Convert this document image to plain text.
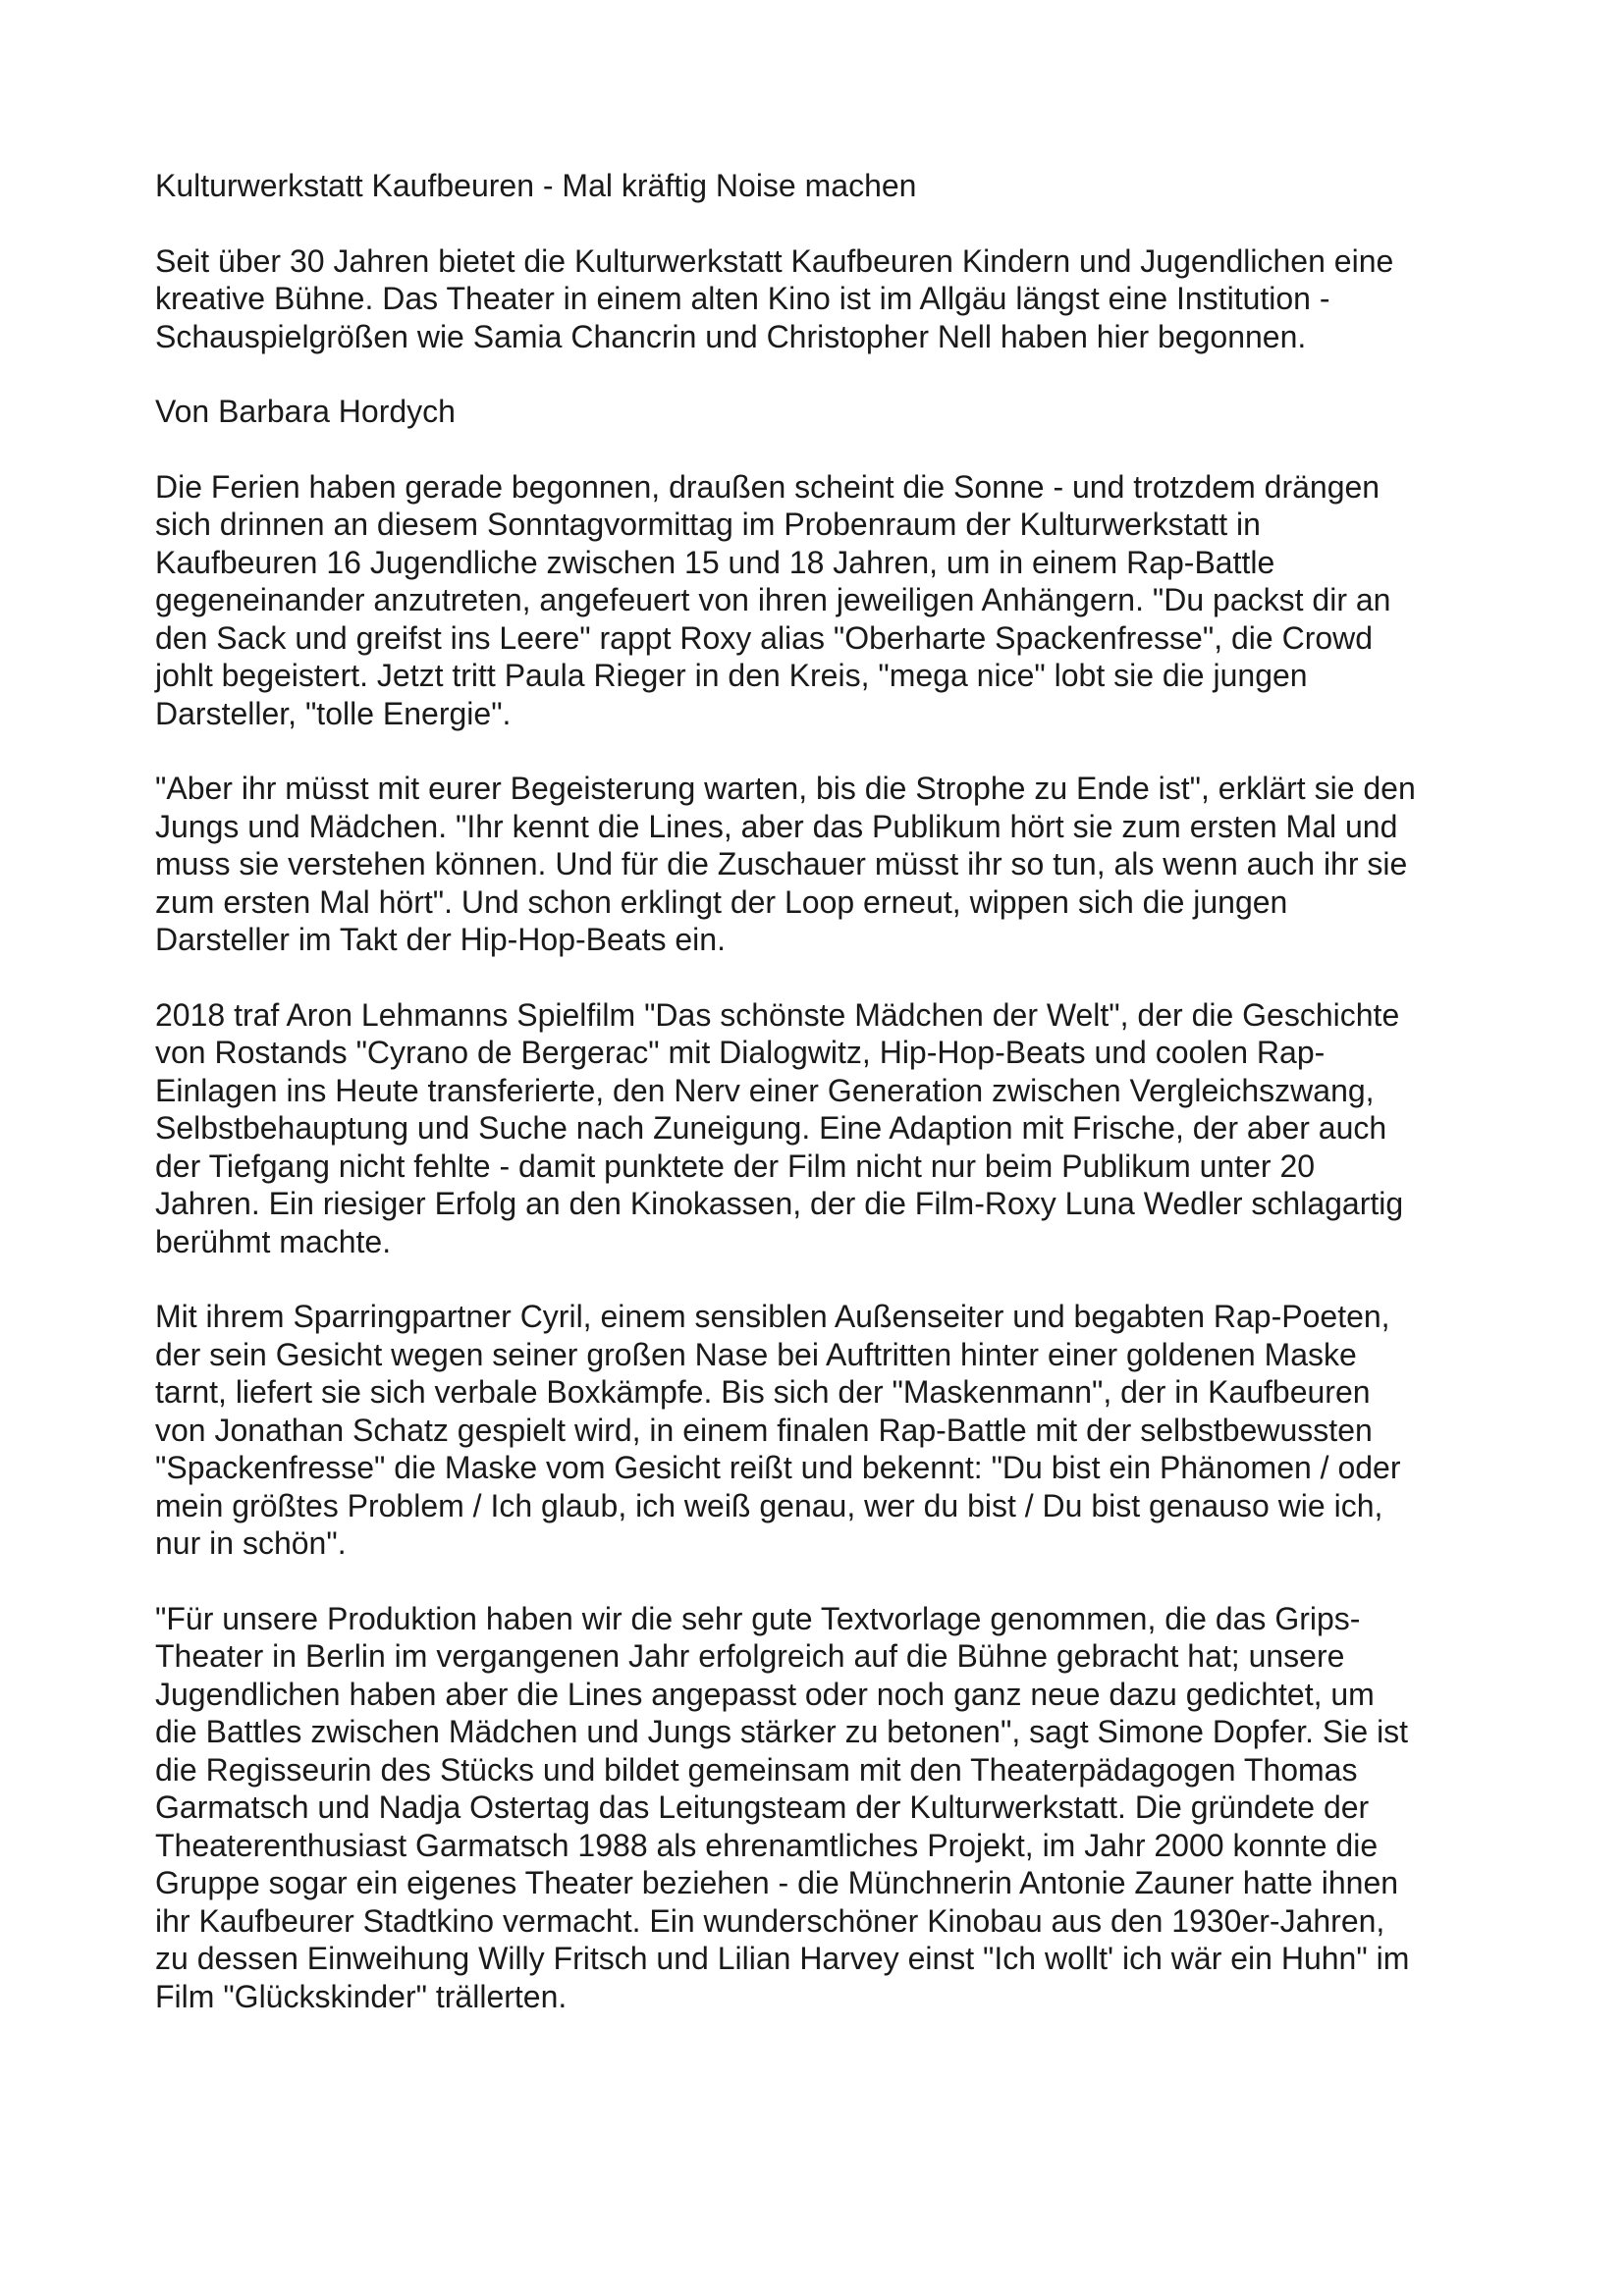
Kulturwerkstatt Kaufbeuren - Mal kräftig Noise machen
Seit über 30 Jahren bietet die Kulturwerkstatt Kaufbeuren Kindern und Jugendlichen eine
kreative Bühne. Das Theater in einem alten Kino ist im Allgäu längst eine Institution -
Schauspielgrößen wie Samia Chancrin und Christopher Nell haben hier begonnen.
Von Barbara Hordych
Die Ferien haben gerade begonnen, draußen scheint die Sonne - und trotzdem drängen
sich drinnen an diesem Sonntagvormittag im Probenraum der Kulturwerkstatt in
Kaufbeuren 16 Jugendliche zwischen 15 und 18 Jahren, um in einem Rap-Battle
gegeneinander anzutreten, angefeuert von ihren jeweiligen Anhängern. "Du packst dir an
den Sack und greifst ins Leere" rappt Roxy alias "Oberharte Spackenfresse", die Crowd
johlt begeistert. Jetzt tritt Paula Rieger in den Kreis, "mega nice" lobt sie die jungen
Darsteller, "tolle Energie".
"Aber ihr müsst mit eurer Begeisterung warten, bis die Strophe zu Ende ist", erklärt sie den
Jungs und Mädchen. "Ihr kennt die Lines, aber das Publikum hört sie zum ersten Mal und
muss sie verstehen können. Und für die Zuschauer müsst ihr so tun, als wenn auch ihr sie
zum ersten Mal hört". Und schon erklingt der Loop erneut, wippen sich die jungen
Darsteller im Takt der Hip-Hop-Beats ein.
2018 traf Aron Lehmanns Spielfilm "Das schönste Mädchen der Welt", der die Geschichte
von Rostands "Cyrano de Bergerac" mit Dialogwitz, Hip-Hop-Beats und coolen Rap-
Einlagen ins Heute transferierte, den Nerv einer Generation zwischen Vergleichszwang,
Selbstbehauptung und Suche nach Zuneigung. Eine Adaption mit Frische, der aber auch
der Tiefgang nicht fehlte - damit punktete der Film nicht nur beim Publikum unter 20
Jahren. Ein riesiger Erfolg an den Kinokassen, der die Film-Roxy Luna Wedler schlagartig
berühmt machte.
Mit ihrem Sparringpartner Cyril, einem sensiblen Außenseiter und begabten Rap-Poeten,
der sein Gesicht wegen seiner großen Nase bei Auftritten hinter einer goldenen Maske
tarnt, liefert sie sich verbale Boxkämpfe. Bis sich der "Maskenmann", der in Kaufbeuren
von Jonathan Schatz gespielt wird, in einem finalen Rap-Battle mit der selbstbewussten
"Spackenfresse" die Maske vom Gesicht reißt und bekennt: "Du bist ein Phänomen / oder
mein größtes Problem / Ich glaub, ich weiß genau, wer du bist / Du bist genauso wie ich,
nur in schön".
"Für unsere Produktion haben wir die sehr gute Textvorlage genommen, die das Grips-
Theater in Berlin im vergangenen Jahr erfolgreich auf die Bühne gebracht hat; unsere
Jugendlichen haben aber die Lines angepasst oder noch ganz neue dazu gedichtet, um
die Battles zwischen Mädchen und Jungs stärker zu betonen", sagt Simone Dopfer. Sie ist
die Regisseurin des Stücks und bildet gemeinsam mit den Theaterpädagogen Thomas
Garmatsch und Nadja Ostertag das Leitungsteam der Kulturwerkstatt. Die gründete der
Theaterenthusiast Garmatsch 1988 als ehrenamtliches Projekt, im Jahr 2000 konnte die
Gruppe sogar ein eigenes Theater beziehen - die Münchnerin Antonie Zauner hatte ihnen
ihr Kaufbeurer Stadtkino vermacht. Ein wunderschöner Kinobau aus den 1930er-Jahren,
zu dessen Einweihung Willy Fritsch und Lilian Harvey einst "Ich wollt' ich wär ein Huhn" im
Film "Glückskinder" trällerten.
